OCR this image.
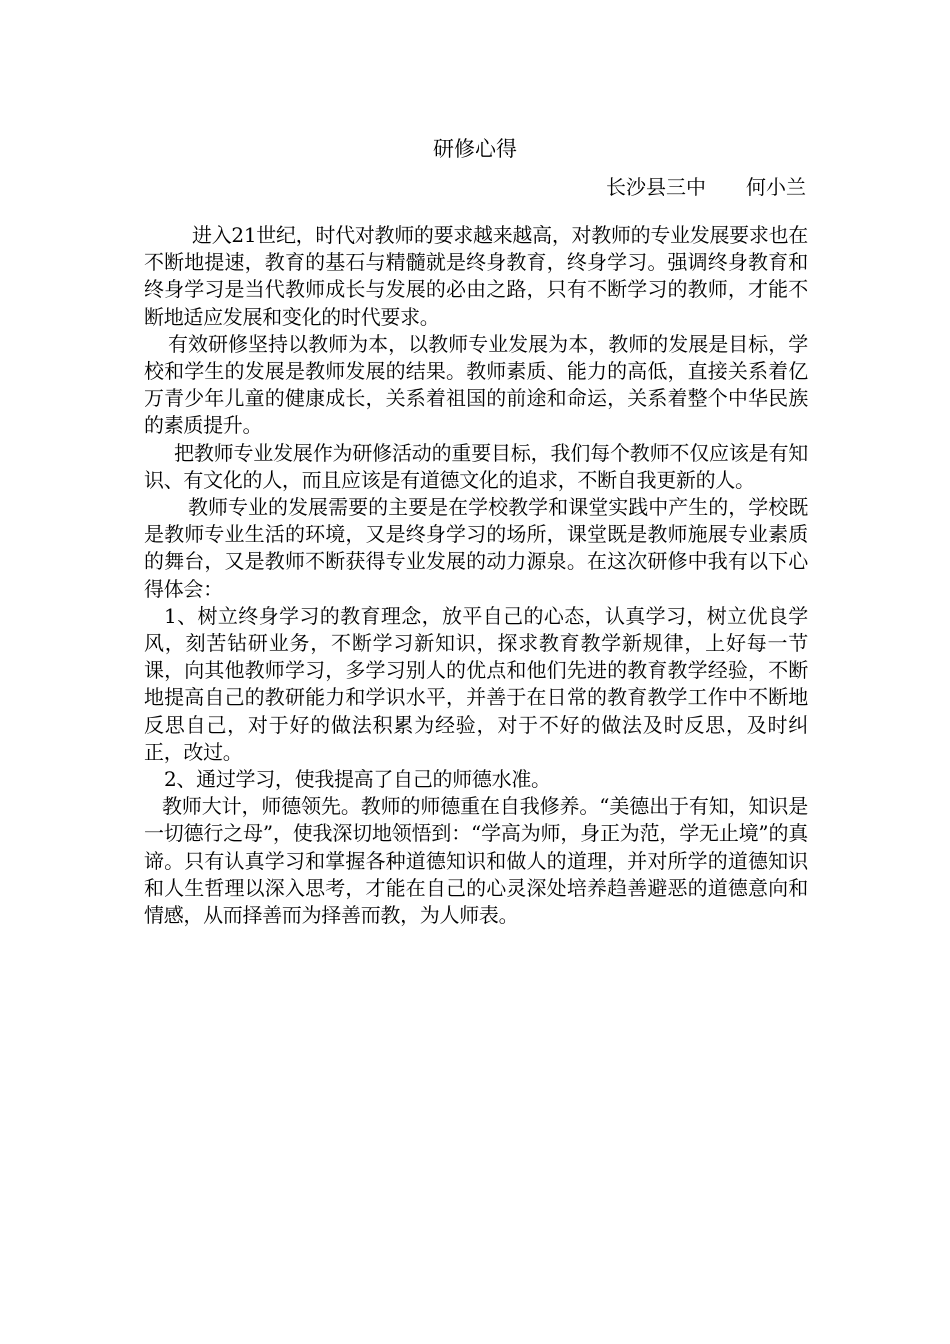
研修心得
长沙县三中　　何小兰

进入21世纪，时代对教师的要求越来越高，对教师的专业发展要求也在不断地提速，教育的基石与精髓就是终身教育，终身学习。强调终身教育和终身学习是当代教师成长与发展的必由之路，只有不断学习的教师，才能不断地适应发展和变化的时代要求。

有效研修坚持以教师为本，以教师专业发展为本，教师的发展是目标，学校和学生的发展是教师发展的结果。教师素质、能力的高低，直接关系着亿万青少年儿童的健康成长，关系着祖国的前途和命运，关系着整个中华民族的素质提升。

把教师专业发展作为研修活动的重要目标，我们每个教师不仅应该是有知识、有文化的人，而且应该是有道德文化的追求，不断自我更新的人。

教师专业的发展需要的主要是在学校教学和课堂实践中产生的，学校既是教师专业生活的环境，又是终身学习的场所，课堂既是教师施展专业素质的舞台，又是教师不断获得专业发展的动力源泉。在这次研修中我有以下心得体会：

1、树立终身学习的教育理念，放平自己的心态，认真学习，树立优良学风，刻苦钻研业务，不断学习新知识，探求教育教学新规律，上好每一节课，向其他教师学习，多学习别人的优点和他们先进的教育教学经验，不断地提高自己的教研能力和学识水平，并善于在日常的教育教学工作中不断地反思自己，对于好的做法积累为经验，对于不好的做法及时反思，及时纠正，改过。

2、通过学习，使我提高了自己的师德水准。

教师大计，师德领先。教师的师德重在自我修养。“美德出于有知，知识是一切德行之母”，使我深切地领悟到：“学高为师，身正为范，学无止境”的真谛。只有认真学习和掌握各种道德知识和做人的道理，并对所学的道德知识和人生哲理以深入思考，才能在自己的心灵深处培养趋善避恶的道德意向和情感，从而择善而为择善而教，为人师表。
